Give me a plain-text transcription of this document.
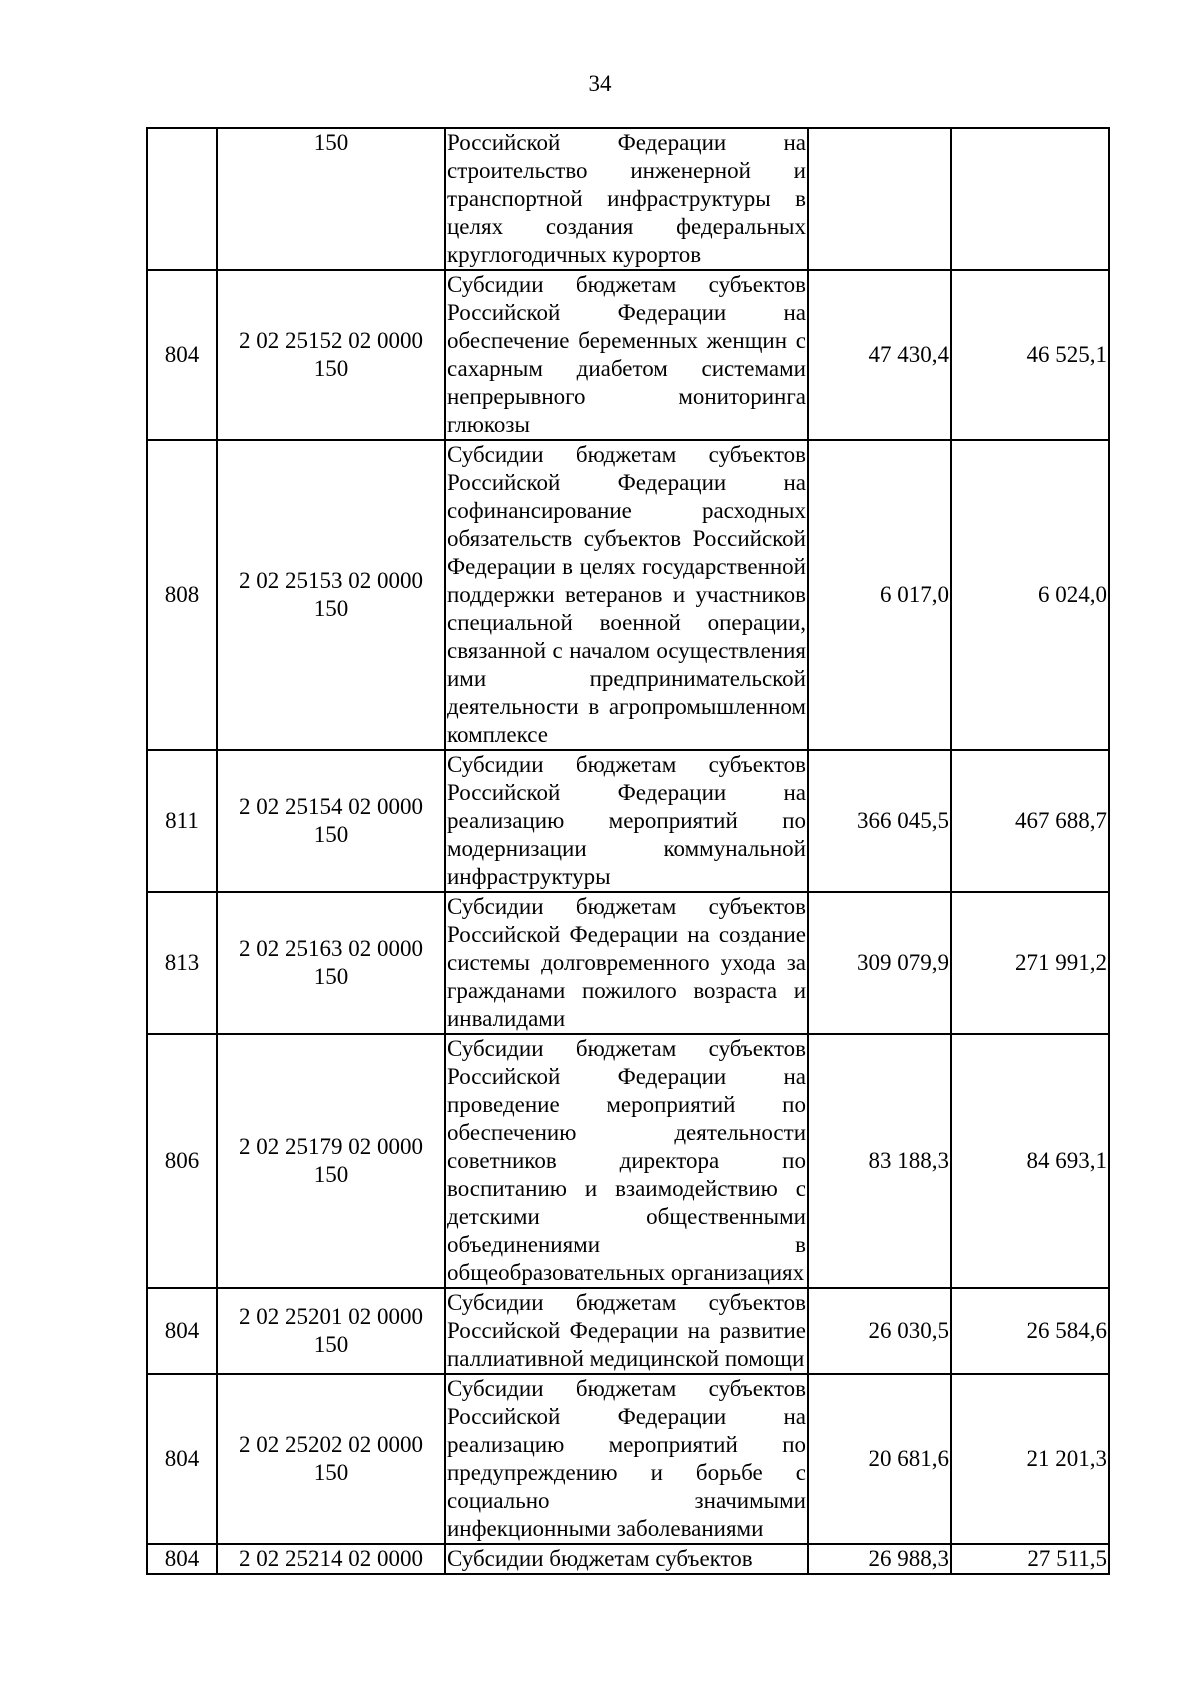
34
	150	Российской Федерации на строительство инженерной и транспортной инфраструктуры в целях создания федеральных круглогодичных курортов		
804	2 02 25152 02 0000 150	Субсидии бюджетам субъектов Российской Федерации на обеспечение беременных женщин с сахарным диабетом системами непрерывного мониторинга глюкозы	47 430,4	46 525,1
808	2 02 25153 02 0000 150	Субсидии бюджетам субъектов Российской Федерации на софинансирование расходных обязательств субъектов Российской Федерации в целях государственной поддержки ветеранов и участников специальной военной операции, связанной с началом осуществления ими предпринимательской деятельности в агропромышленном комплексе	6 017,0	6 024,0
811	2 02 25154 02 0000 150	Субсидии бюджетам субъектов Российской Федерации на реализацию мероприятий по модернизации коммунальной инфраструктуры	366 045,5	467 688,7
813	2 02 25163 02 0000 150	Субсидии бюджетам субъектов Российской Федерации на создание системы долговременного ухода за гражданами пожилого возраста и инвалидами	309 079,9	271 991,2
806	2 02 25179 02 0000 150	Субсидии бюджетам субъектов Российской Федерации на проведение мероприятий по обеспечению деятельности советников директора по воспитанию и взаимодействию с детскими общественными объединениями в общеобразовательных организациях	83 188,3	84 693,1
804	2 02 25201 02 0000 150	Субсидии бюджетам субъектов Российской Федерации на развитие паллиативной медицинской помощи	26 030,5	26 584,6
804	2 02 25202 02 0000 150	Субсидии бюджетам субъектов Российской Федерации на реализацию мероприятий по предупреждению и борьбе с социально значимыми инфекционными заболеваниями	20 681,6	21 201,3
804	2 02 25214 02 0000	Субсидии бюджетам субъектов	26 988,3	27 511,5
